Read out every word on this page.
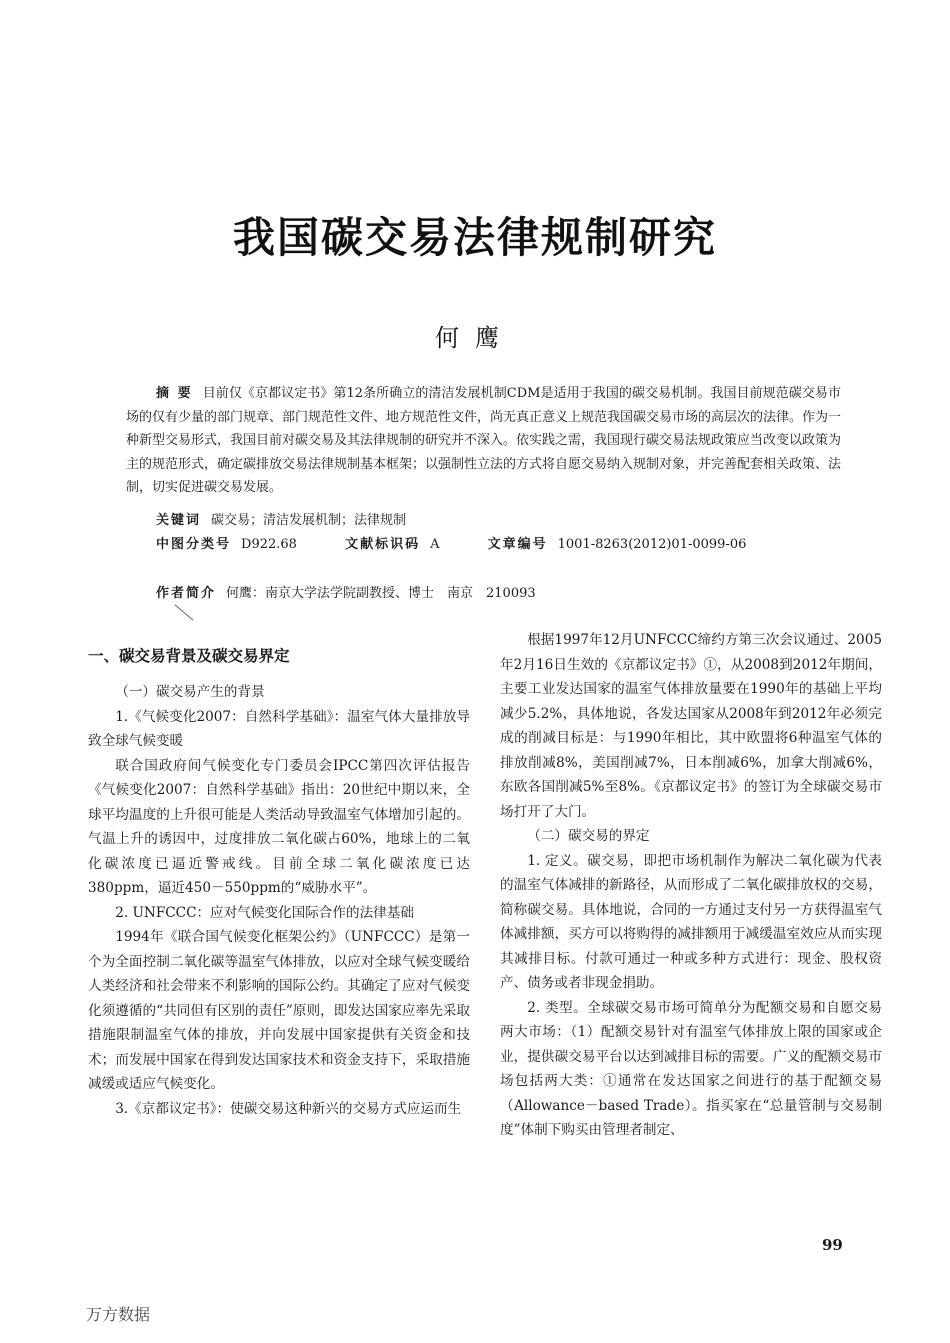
我国碳交易法律规制研究
何鹰
摘 要 目前仅《京都议定书》第12条所确立的清洁发展机制CDM是适用于我国的碳交易机制。我国目前规范碳交易市场的仅有少量的部门规章、部门规范性文件、地方规范性文件，尚无真正意义上规范我国碳交易市场的高层次的法律。作为一种新型交易形式，我国目前对碳交易及其法律规制的研究并不深入。依实践之需，我国现行碳交易法规政策应当改变以政策为主的规范形式，确定碳排放交易法律规制基本框架；以强制性立法的方式将自愿交易纳入规制对象，并完善配套相关政策、法制，切实促进碳交易发展。
关键词 碳交易；清洁发展机制；法律规制
中图分类号 D922.68	文献标识码 A	文章编号 1001-8263(2012)01-0099-06
作者简介 何鹰：南京大学法学院副教授、博士　南京　210093
一、碳交易背景及碳交易界定

（一）碳交易产生的背景

1.《气候变化2007：自然科学基础》：温室气体大量排放导致全球气候变暖

联合国政府间气候变化专门委员会IPCC第四次评估报告《气候变化2007：自然科学基础》指出：20世纪中期以来，全球平均温度的上升很可能是人类活动导致温室气体增加引起的。气温上升的诱因中，过度排放二氧化碳占60%，地球上的二氧化碳浓度已逼近警戒线。目前全球二氧化碳浓度已达380ppm，逼近450－550ppm的“威胁水平”。

2. UNFCCC：应对气候变化国际合作的法律基础

1994年《联合国气候变化框架公约》（UNFCCC）是第一个为全面控制二氧化碳等温室气体排放，以应对全球气候变暖给人类经济和社会带来不利影响的国际公约。其确定了应对气候变化须遵循的“共同但有区别的责任”原则，即发达国家应率先采取措施限制温室气体的排放，并向发展中国家提供有关资金和技术；而发展中国家在得到发达国家技术和资金支持下，采取措施减缓或适应气候变化。

3.《京都议定书》：使碳交易这种新兴的交易方式应运而生

根据1997年12月UNFCCC缔约方第三次会议通过、2005年2月16日生效的《京都议定书》①，从2008到2012年期间，主要工业发达国家的温室气体排放量要在1990年的基础上平均减少5.2%，具体地说，各发达国家从2008年到2012年必须完成的削减目标是：与1990年相比，其中欧盟将6种温室气体的排放削减8%，美国削减7%，日本削减6%，加拿大削减6%，东欧各国削减5%至8%。《京都议定书》的签订为全球碳交易市场打开了大门。

（二）碳交易的界定

1. 定义。碳交易，即把市场机制作为解决二氧化碳为代表的温室气体减排的新路径，从而形成了二氧化碳排放权的交易，简称碳交易。具体地说，合同的一方通过支付另一方获得温室气体减排额，买方可以将购得的减排额用于减缓温室效应从而实现其减排目标。付款可通过一种或多种方式进行：现金、股权资产、债务或者非现金捐助。

2. 类型。全球碳交易市场可简单分为配额交易和自愿交易两大市场：（1）配额交易针对有温室气体排放上限的国家或企业，提供碳交易平台以达到减排目标的需要。广义的配额交易市场包括两大类：①通常在发达国家之间进行的基于配额交易（Allowance－based Trade）。指买家在“总量管制与交易制度”体制下购买由管理者制定、

99
万方数据
